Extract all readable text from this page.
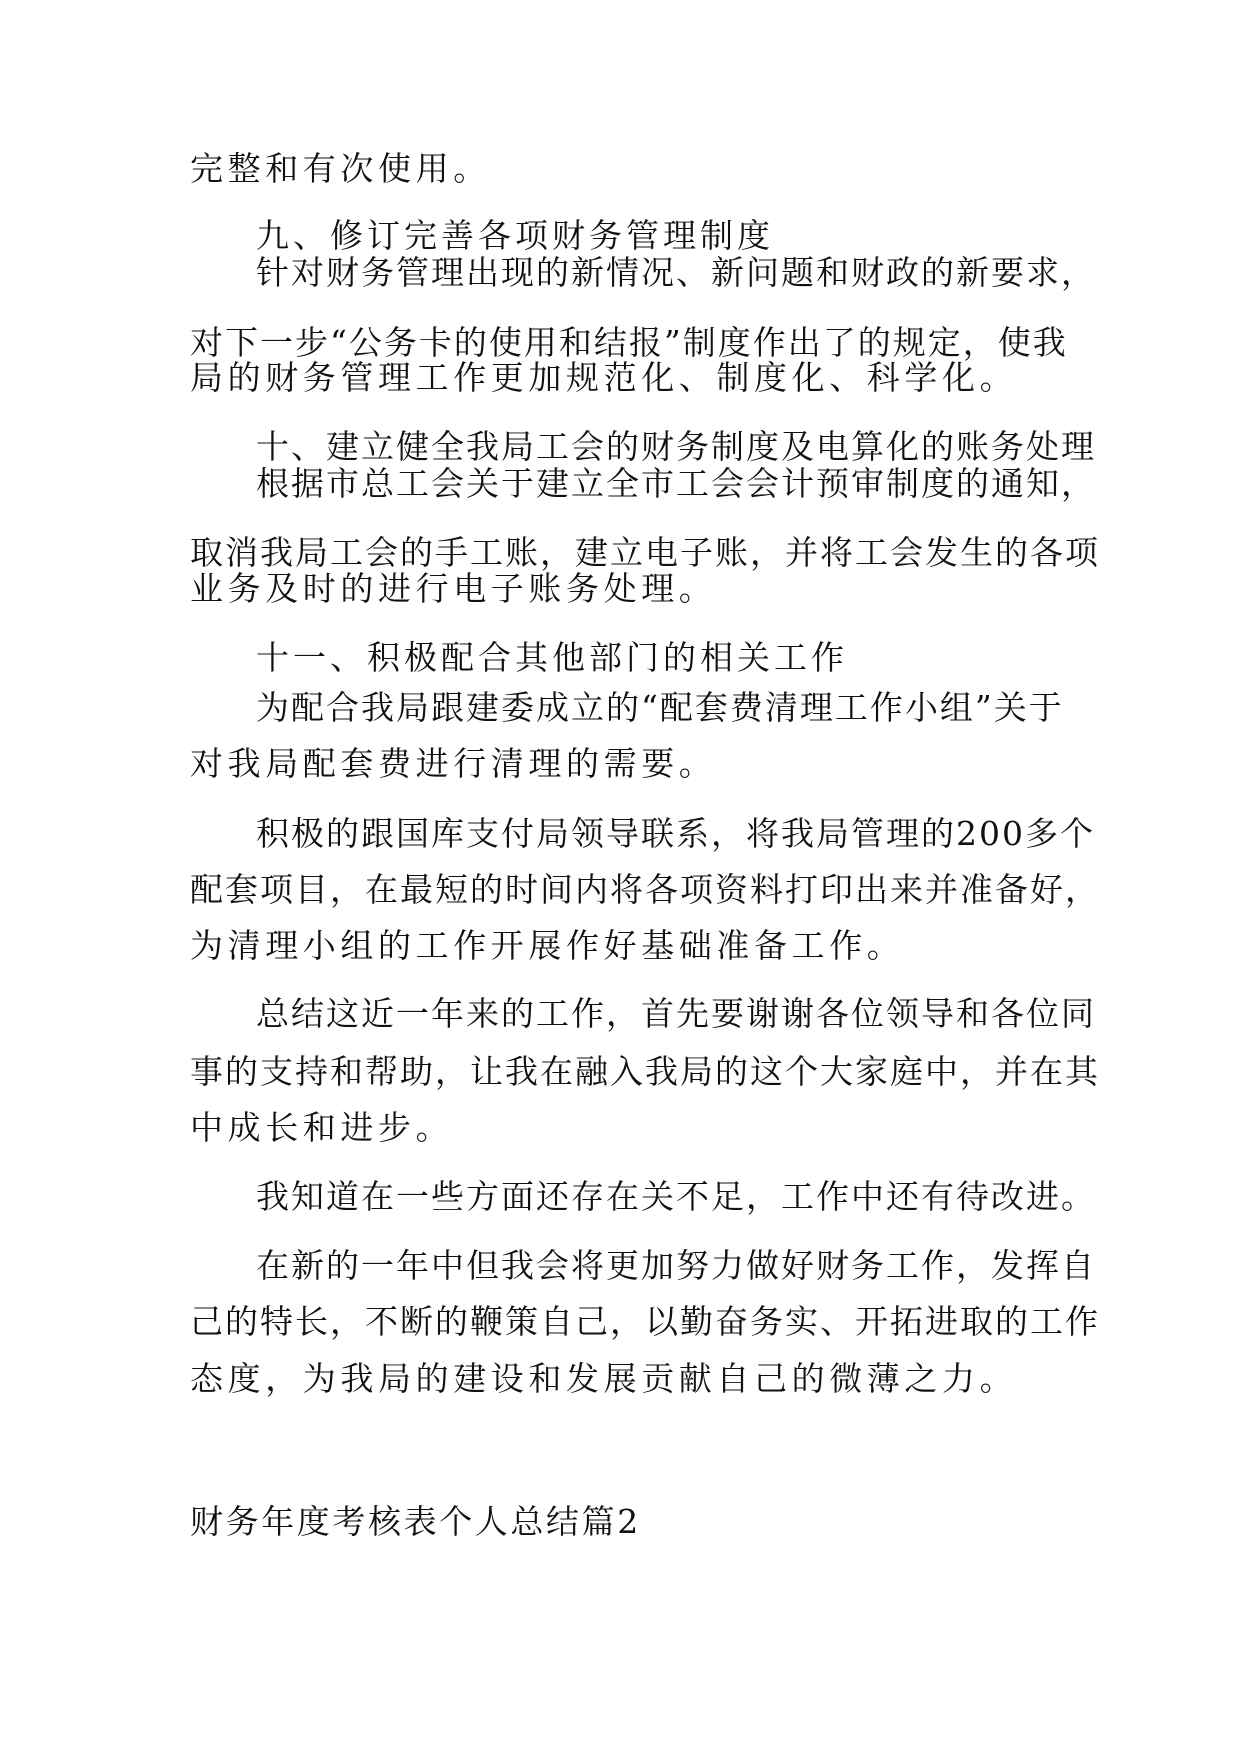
完整和有次使用。
九、修订完善各项财务管理制度
针对财务管理出现的新情况、新问题和财政的新要求，
对下一步“公务卡的使用和结报”制度作出了的规定，使我
局的财务管理工作更加规范化、制度化、科学化。
十、建立健全我局工会的财务制度及电算化的账务处理
根据市总工会关于建立全市工会会计预审制度的通知，
取消我局工会的手工账，建立电子账，并将工会发生的各项
业务及时的进行电子账务处理。
十一、积极配合其他部门的相关工作
为配合我局跟建委成立的“配套费清理工作小组”关于
对我局配套费进行清理的需要。
积极的跟国库支付局领导联系，将我局管理的200多个
配套项目，在最短的时间内将各项资料打印出来并准备好，
为清理小组的工作开展作好基础准备工作。
总结这近一年来的工作，首先要谢谢各位领导和各位同
事的支持和帮助，让我在融入我局的这个大家庭中，并在其
中成长和进步。
我知道在一些方面还存在关不足，工作中还有待改进。
在新的一年中但我会将更加努力做好财务工作，发挥自
己的特长，不断的鞭策自己，以勤奋务实、开拓进取的工作
态度，为我局的建设和发展贡献自己的微薄之力。
财务年度考核表个人总结篇2
